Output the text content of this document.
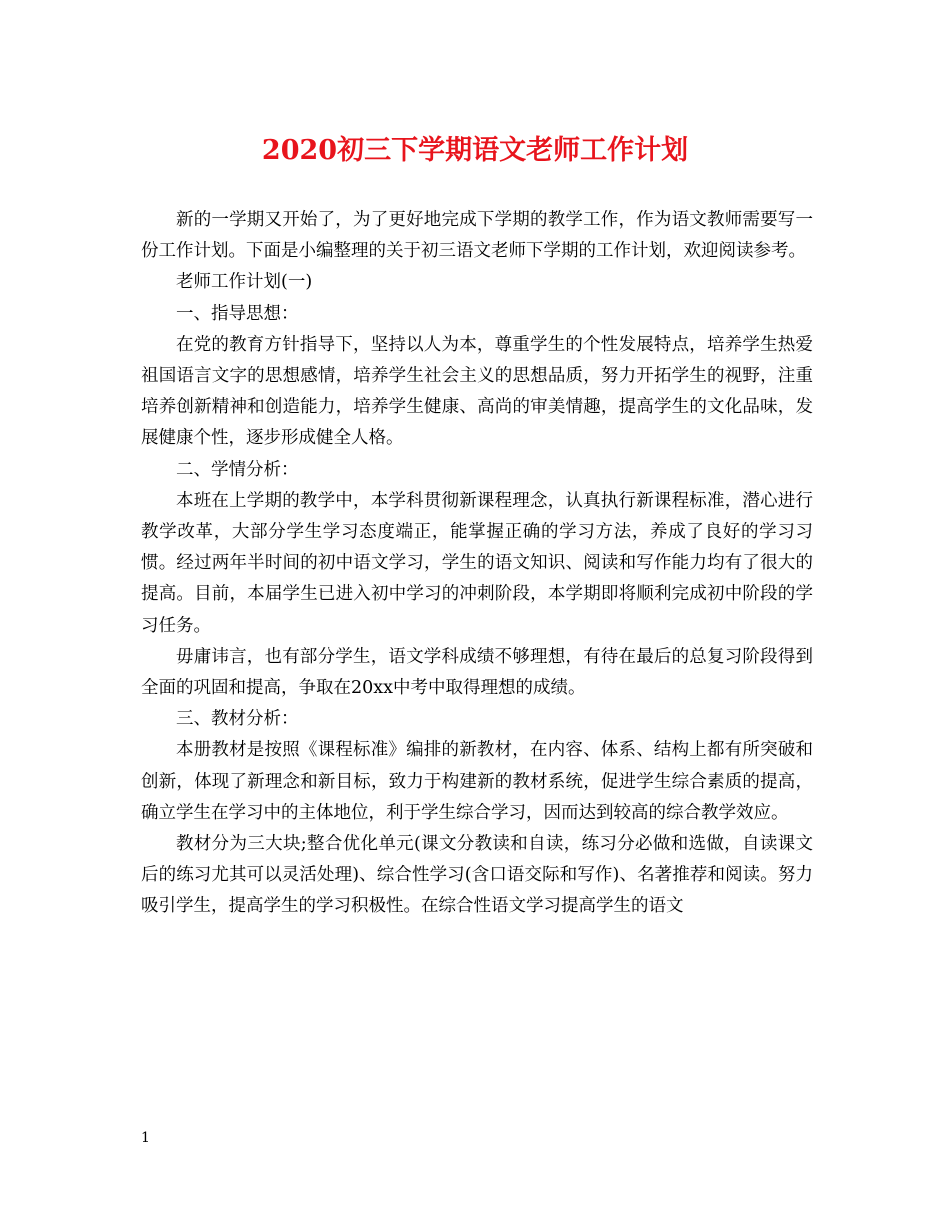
2020初三下学期语文老师工作计划

新的一学期又开始了，为了更好地完成下学期的教学工作，作为语文教师需要写一份工作计划。下面是小编整理的关于初三语文老师下学期的工作计划，欢迎阅读参考。

老师工作计划(一)

一、指导思想：

在党的教育方针指导下，坚持以人为本，尊重学生的个性发展特点，培养学生热爱祖国语言文字的思想感情，培养学生社会主义的思想品质，努力开拓学生的视野，注重培养创新精神和创造能力，培养学生健康、高尚的审美情趣，提高学生的文化品味，发展健康个性，逐步形成健全人格。

二、学情分析：

本班在上学期的教学中，本学科贯彻新课程理念，认真执行新课程标准，潜心进行教学改革，大部分学生学习态度端正，能掌握正确的学习方法，养成了良好的学习习惯。经过两年半时间的初中语文学习，学生的语文知识、阅读和写作能力均有了很大的提高。目前，本届学生已进入初中学习的冲刺阶段，本学期即将顺利完成初中阶段的学习任务。

毋庸讳言，也有部分学生，语文学科成绩不够理想，有待在最后的总复习阶段得到全面的巩固和提高，争取在20xx中考中取得理想的成绩。

三、教材分析：

本册教材是按照《课程标准》编排的新教材，在内容、体系、结构上都有所突破和创新，体现了新理念和新目标，致力于构建新的教材系统，促进学生综合素质的提高，确立学生在学习中的主体地位，利于学生综合学习，因而达到较高的综合教学效应。

教材分为三大块;整合优化单元(课文分教读和自读，练习分必做和选做，自读课文后的练习尤其可以灵活处理)、综合性学习(含口语交际和写作)、名著推荐和阅读。努力吸引学生，提高学生的学习积极性。在综合性语文学习提高学生的语文

1
